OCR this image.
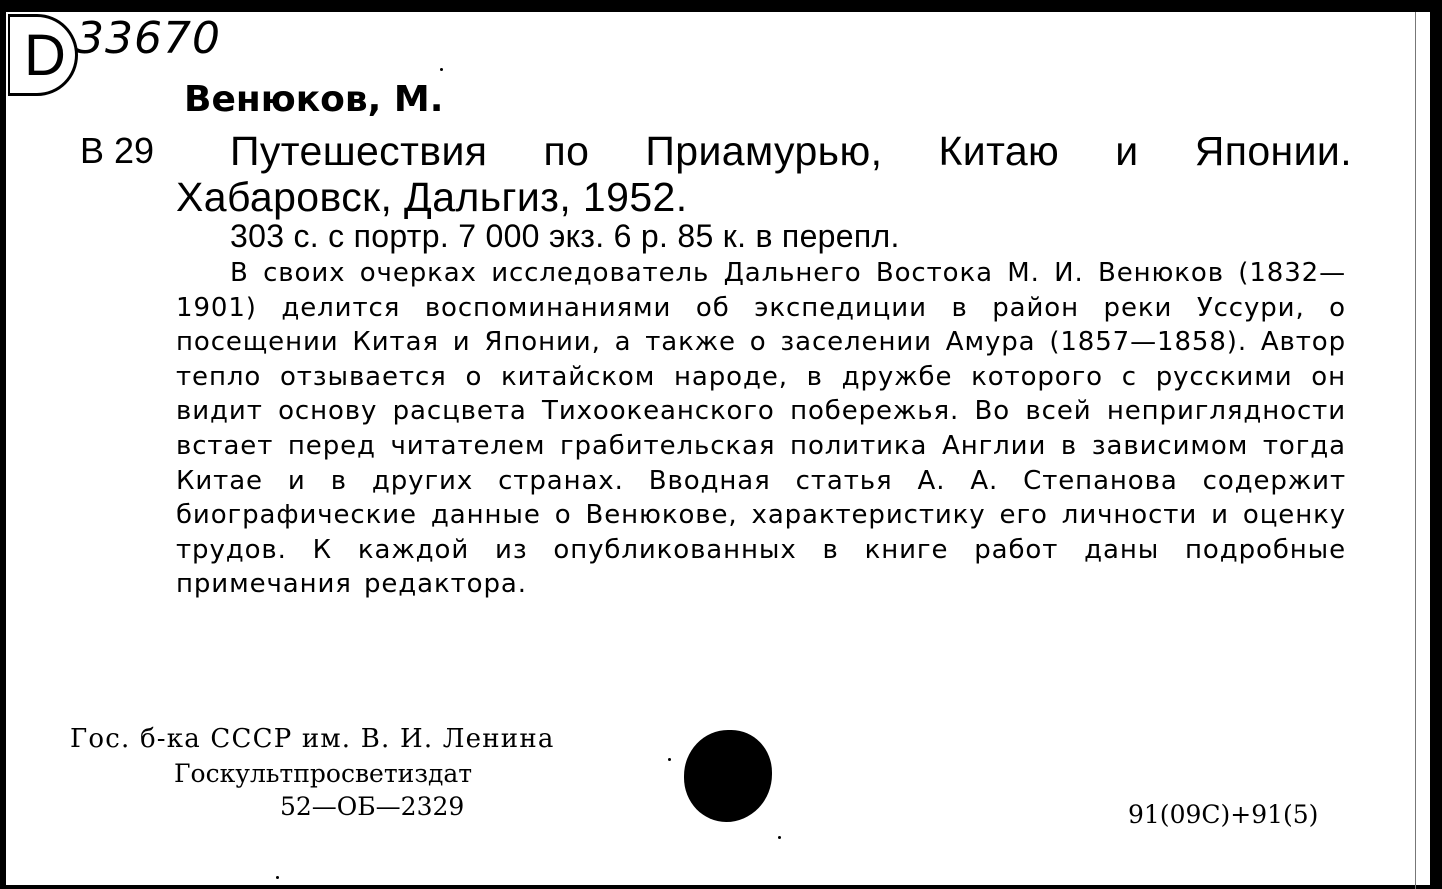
D 33670
Венюков, М.
В 29	Путешествия по Приамурью, Китаю и Японии. Хабаровск, Дальгиз, 1952.
303 с. с портр. 7 000 экз. 6 р. 85 к. в перепл.
В своих очерках исследователь Дальнего Востока М. И. Венюков (1832—1901) делится воспоминаниями об экспедиции в район реки Уссури, о посещении Китая и Японии, а также о заселении Амура (1857—1858). Автор тепло отзывается о китайском народе, в дружбе которого с русскими он видит основу расцвета Тихоокеанского побережья. Во всей неприглядности встает перед читателем грабительская политика Англии в зависимом тогда Китае и в других странах. Вводная статья А. А. Степанова содержит биографические данные о Венюкове, характеристику его личности и оценку трудов. К каждой из опубликованных в книге работ даны подробные примечания редактора.
Гос. б-ка СССР им. В. И. Ленина
Госкультпросветиздат
52—ОБ—2329	91(09С)+91(5)
